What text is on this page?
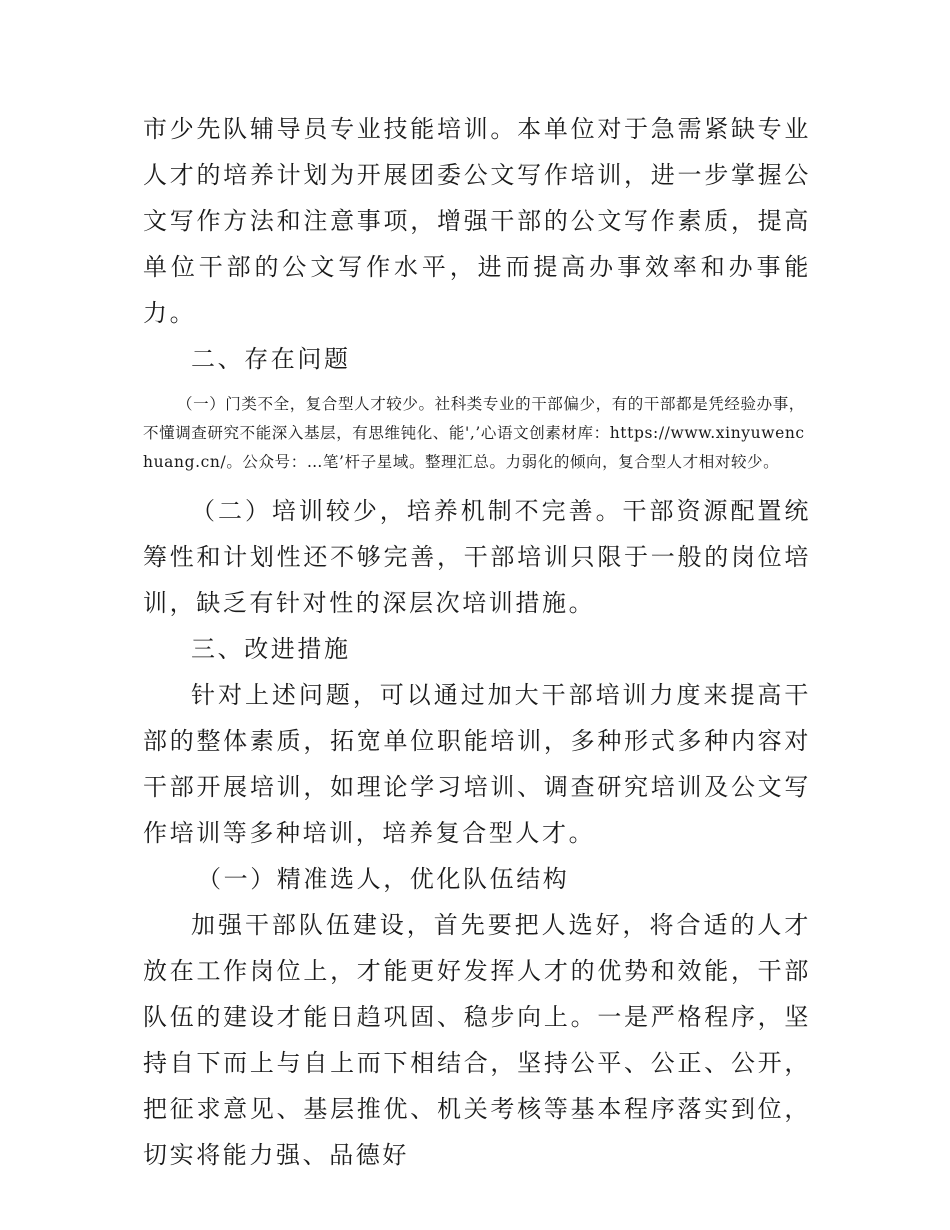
市少先队辅导员专业技能培训。本单位对于急需紧缺专业人才的培养计划为开展团委公文写作培训，进一步掌握公文写作方法和注意事项，增强干部的公文写作素质，提高单位干部的公文写作水平，进而提高办事效率和办事能力。

二、存在问题

（一）门类不全，复合型人才较少。社科类专业的干部偏少，有的干部都是凭经验办事，不懂调查研究不能深入基层，有思维钝化、能',’心语文创素材库：https://www.xinyuwenchuang.cn/。公众号：…笔’杆子星域。整理汇总。力弱化的倾向，复合型人才相对较少。

（二）培训较少，培养机制不完善。干部资源配置统筹性和计划性还不够完善，干部培训只限于一般的岗位培训，缺乏有针对性的深层次培训措施。

三、改进措施

针对上述问题，可以通过加大干部培训力度来提高干部的整体素质，拓宽单位职能培训，多种形式多种内容对干部开展培训，如理论学习培训、调查研究培训及公文写作培训等多种培训，培养复合型人才。

（一）精准选人，优化队伍结构

加强干部队伍建设，首先要把人选好，将合适的人才放在工作岗位上，才能更好发挥人才的优势和效能，干部队伍的建设才能日趋巩固、稳步向上。一是严格程序，坚持自下而上与自上而下相结合，坚持公平、公正、公开，把征求意见、基层推优、机关考核等基本程序落实到位，切实将能力强、品德好
